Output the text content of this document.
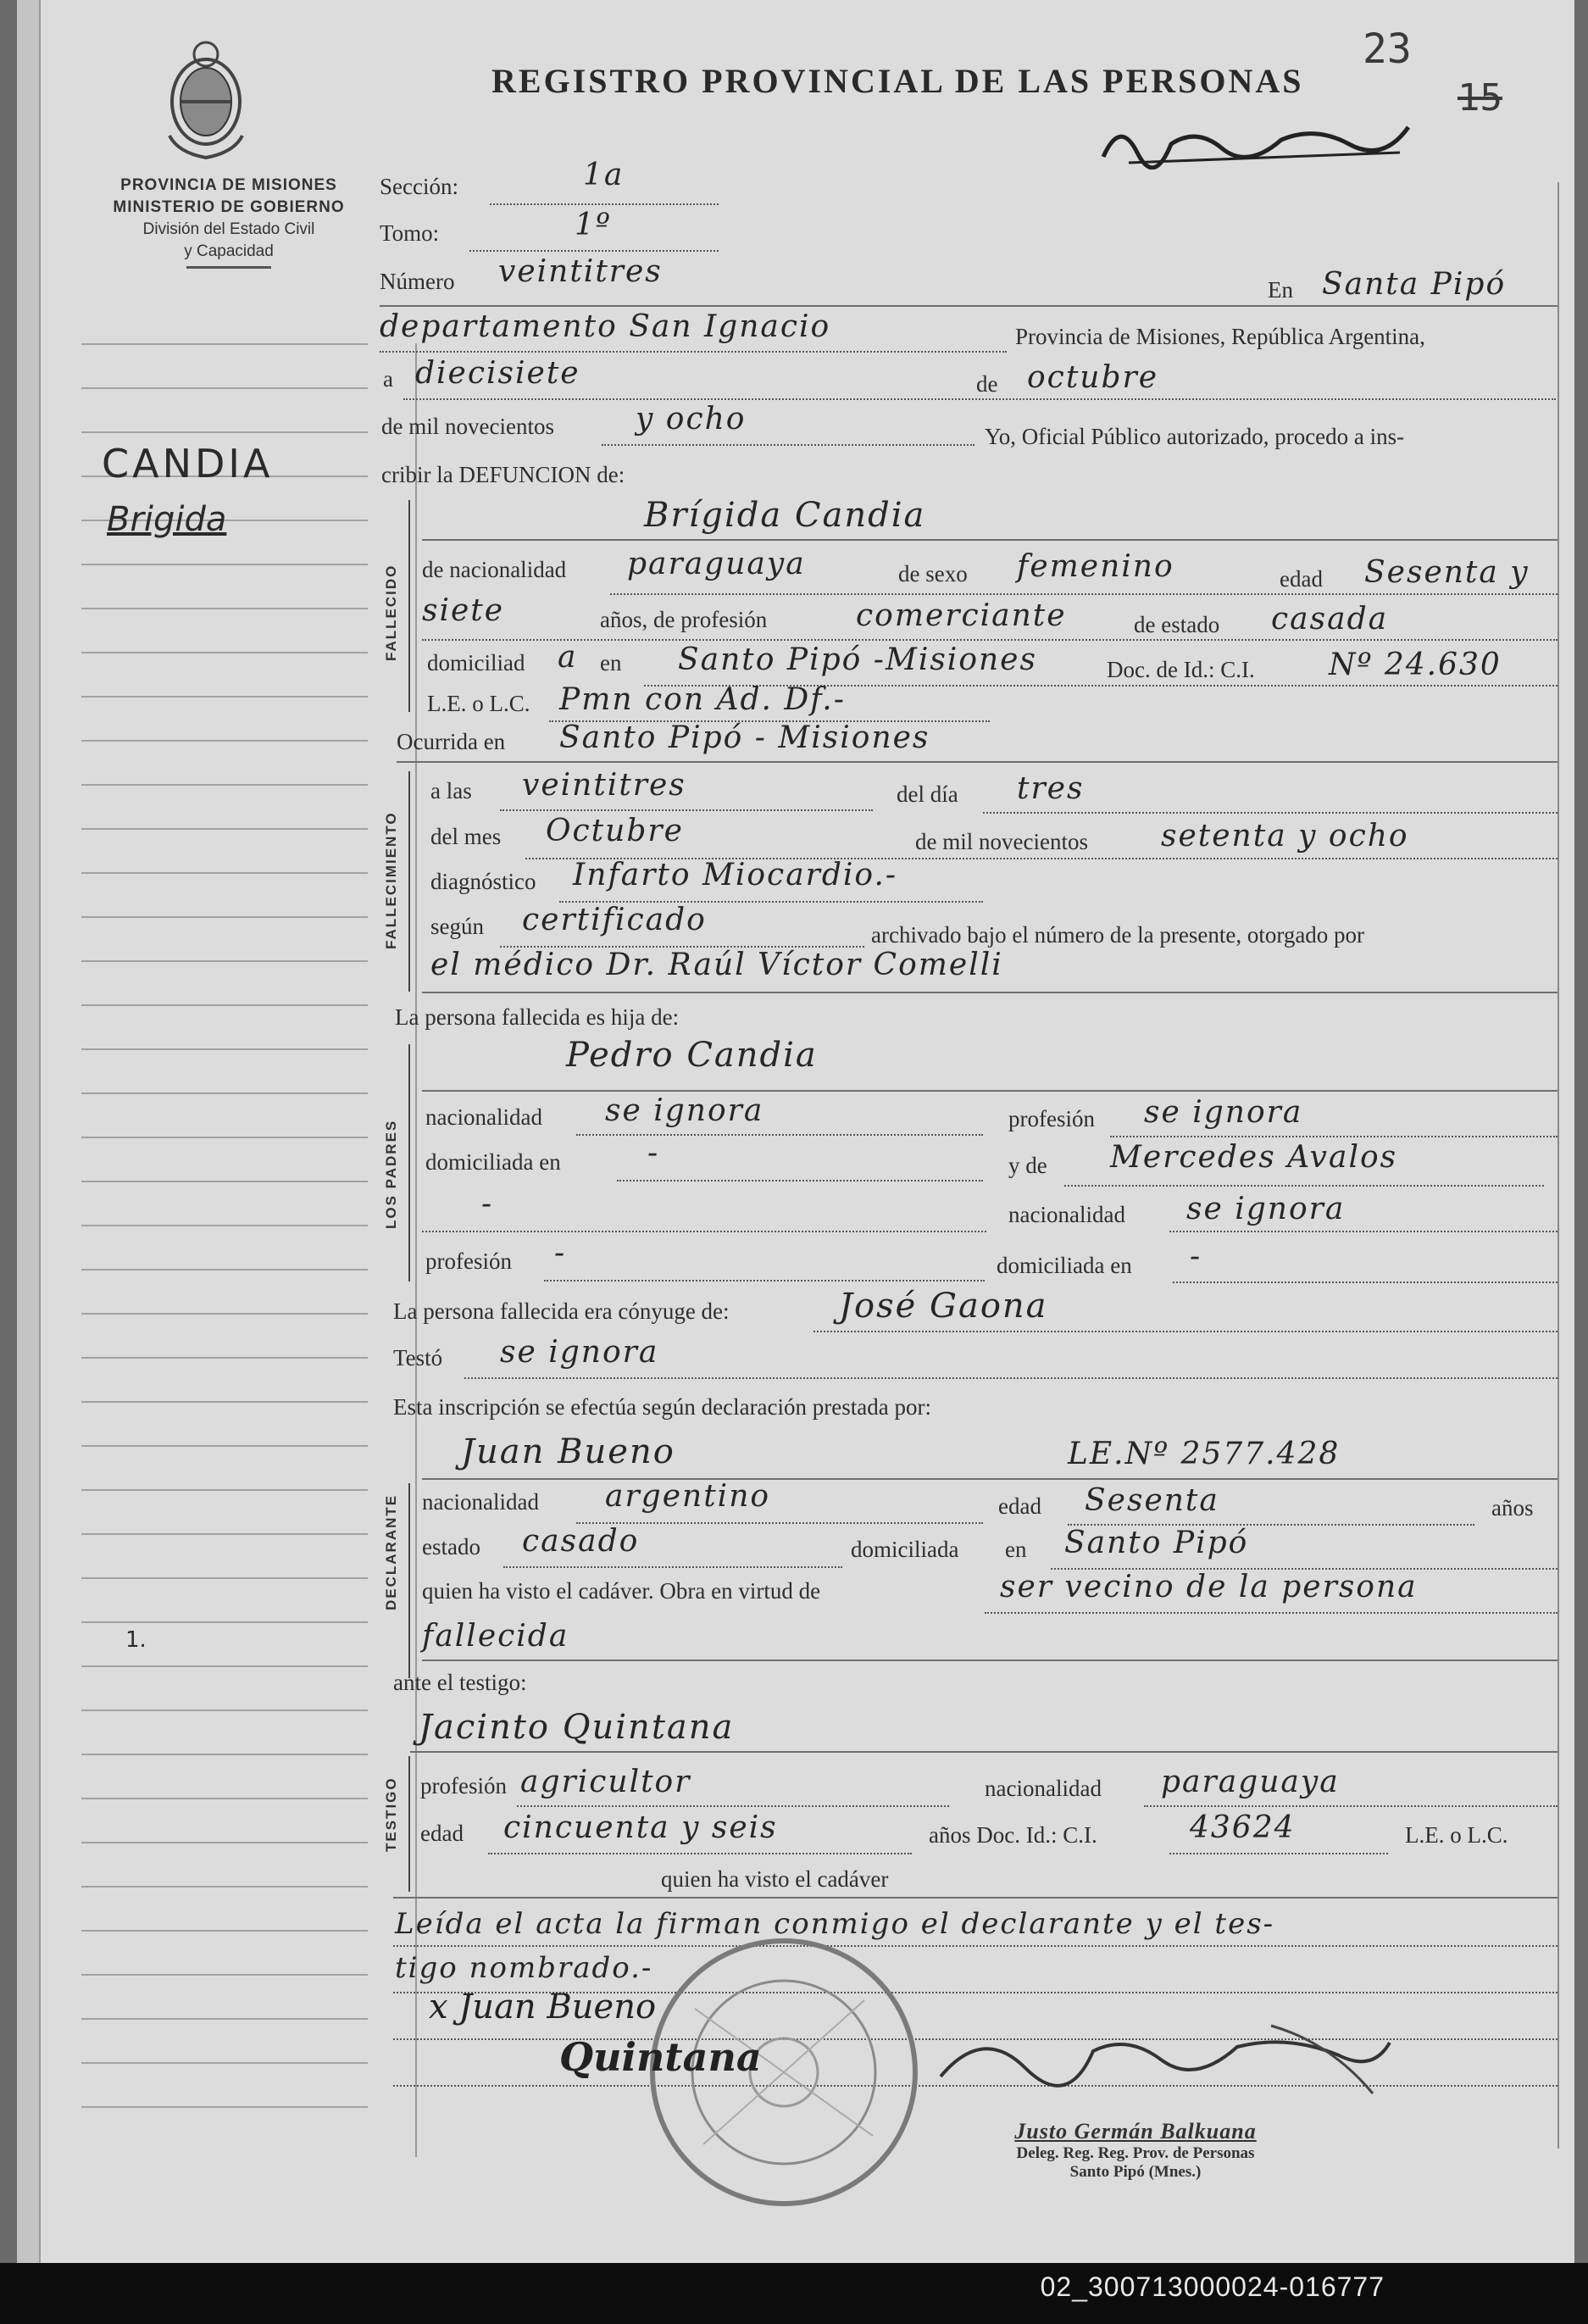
REGISTRO PROVINCIAL DE LAS PERSONAS
23
15
PROVINCIA DE MISIONES
MINISTERIO DE GOBIERNO
División del Estado Civil
y Capacidad
CANDIA
Brigida
1.
Sección:	1a
Tomo:	1º
Número veintitres
En Santa Pipó
departamento San Ignacio	Provincia de Misiones, República Argentina,
a diecisiete	de octubre
de mil novecientos	y ocho	Yo, Oficial Público autorizado, procedo a ins-
cribir la DEFUNCION de:
FALLECIDO
Brígida Candia
de nacionalidad paraguaya	de sexo femenino	edad Sesenta y
siete	años, de profesión	comerciante	de estado casada
domiciliad a en Santo Pipó -Misiones	Doc. de Id.: C.I. Nº 24.630
L.E. o L.C. Pmn con Ad. Df.-
Ocurrida en Santo Pipó - Misiones
FALLECIMIENTO
a las veintitres	del día tres
del mes Octubre	de mil novecientos setenta y ocho
diagnóstico Infarto Miocardio.-
según certificado	archivado bajo el número de la presente, otorgado por
el médico Dr. Raúl Víctor Comelli
La persona fallecida es hija de:
LOS PADRES
Pedro Candia
nacionalidad se ignora	profesión se ignora
domiciliada en	-	y de Mercedes Avalos
-	nacionalidad se ignora
profesión -	domiciliada en -
La persona fallecida era cónyuge de:	José Gaona
Testó se ignora
Esta inscripción se efectúa según declaración prestada por:
Juan Bueno	LE.Nº 2577.428
DECLARANTE nacionalidad argentino	edad Sesenta	años
estado casado	domiciliada en Santo Pipó
quien ha visto el cadáver. Obra en virtud de	ser vecino de la persona
fallecida
ante el testigo:
Jacinto Quintana
TESTIGO profesión agricultor	nacionalidad paraguaya
edad cincuenta y seis	años Doc. Id.: C.I.	43624	L.E. o L.C.
quien ha visto el cadáver
Leída el acta la firman conmigo el declarante y el tes-
tigo nombrado.-
x Juan Bueno
Quintana
Justo Germán Balkuana
Deleg. Reg. Reg. Prov. de Personas
Santo Pipó (Mnes.)
02_300713000024-016777
